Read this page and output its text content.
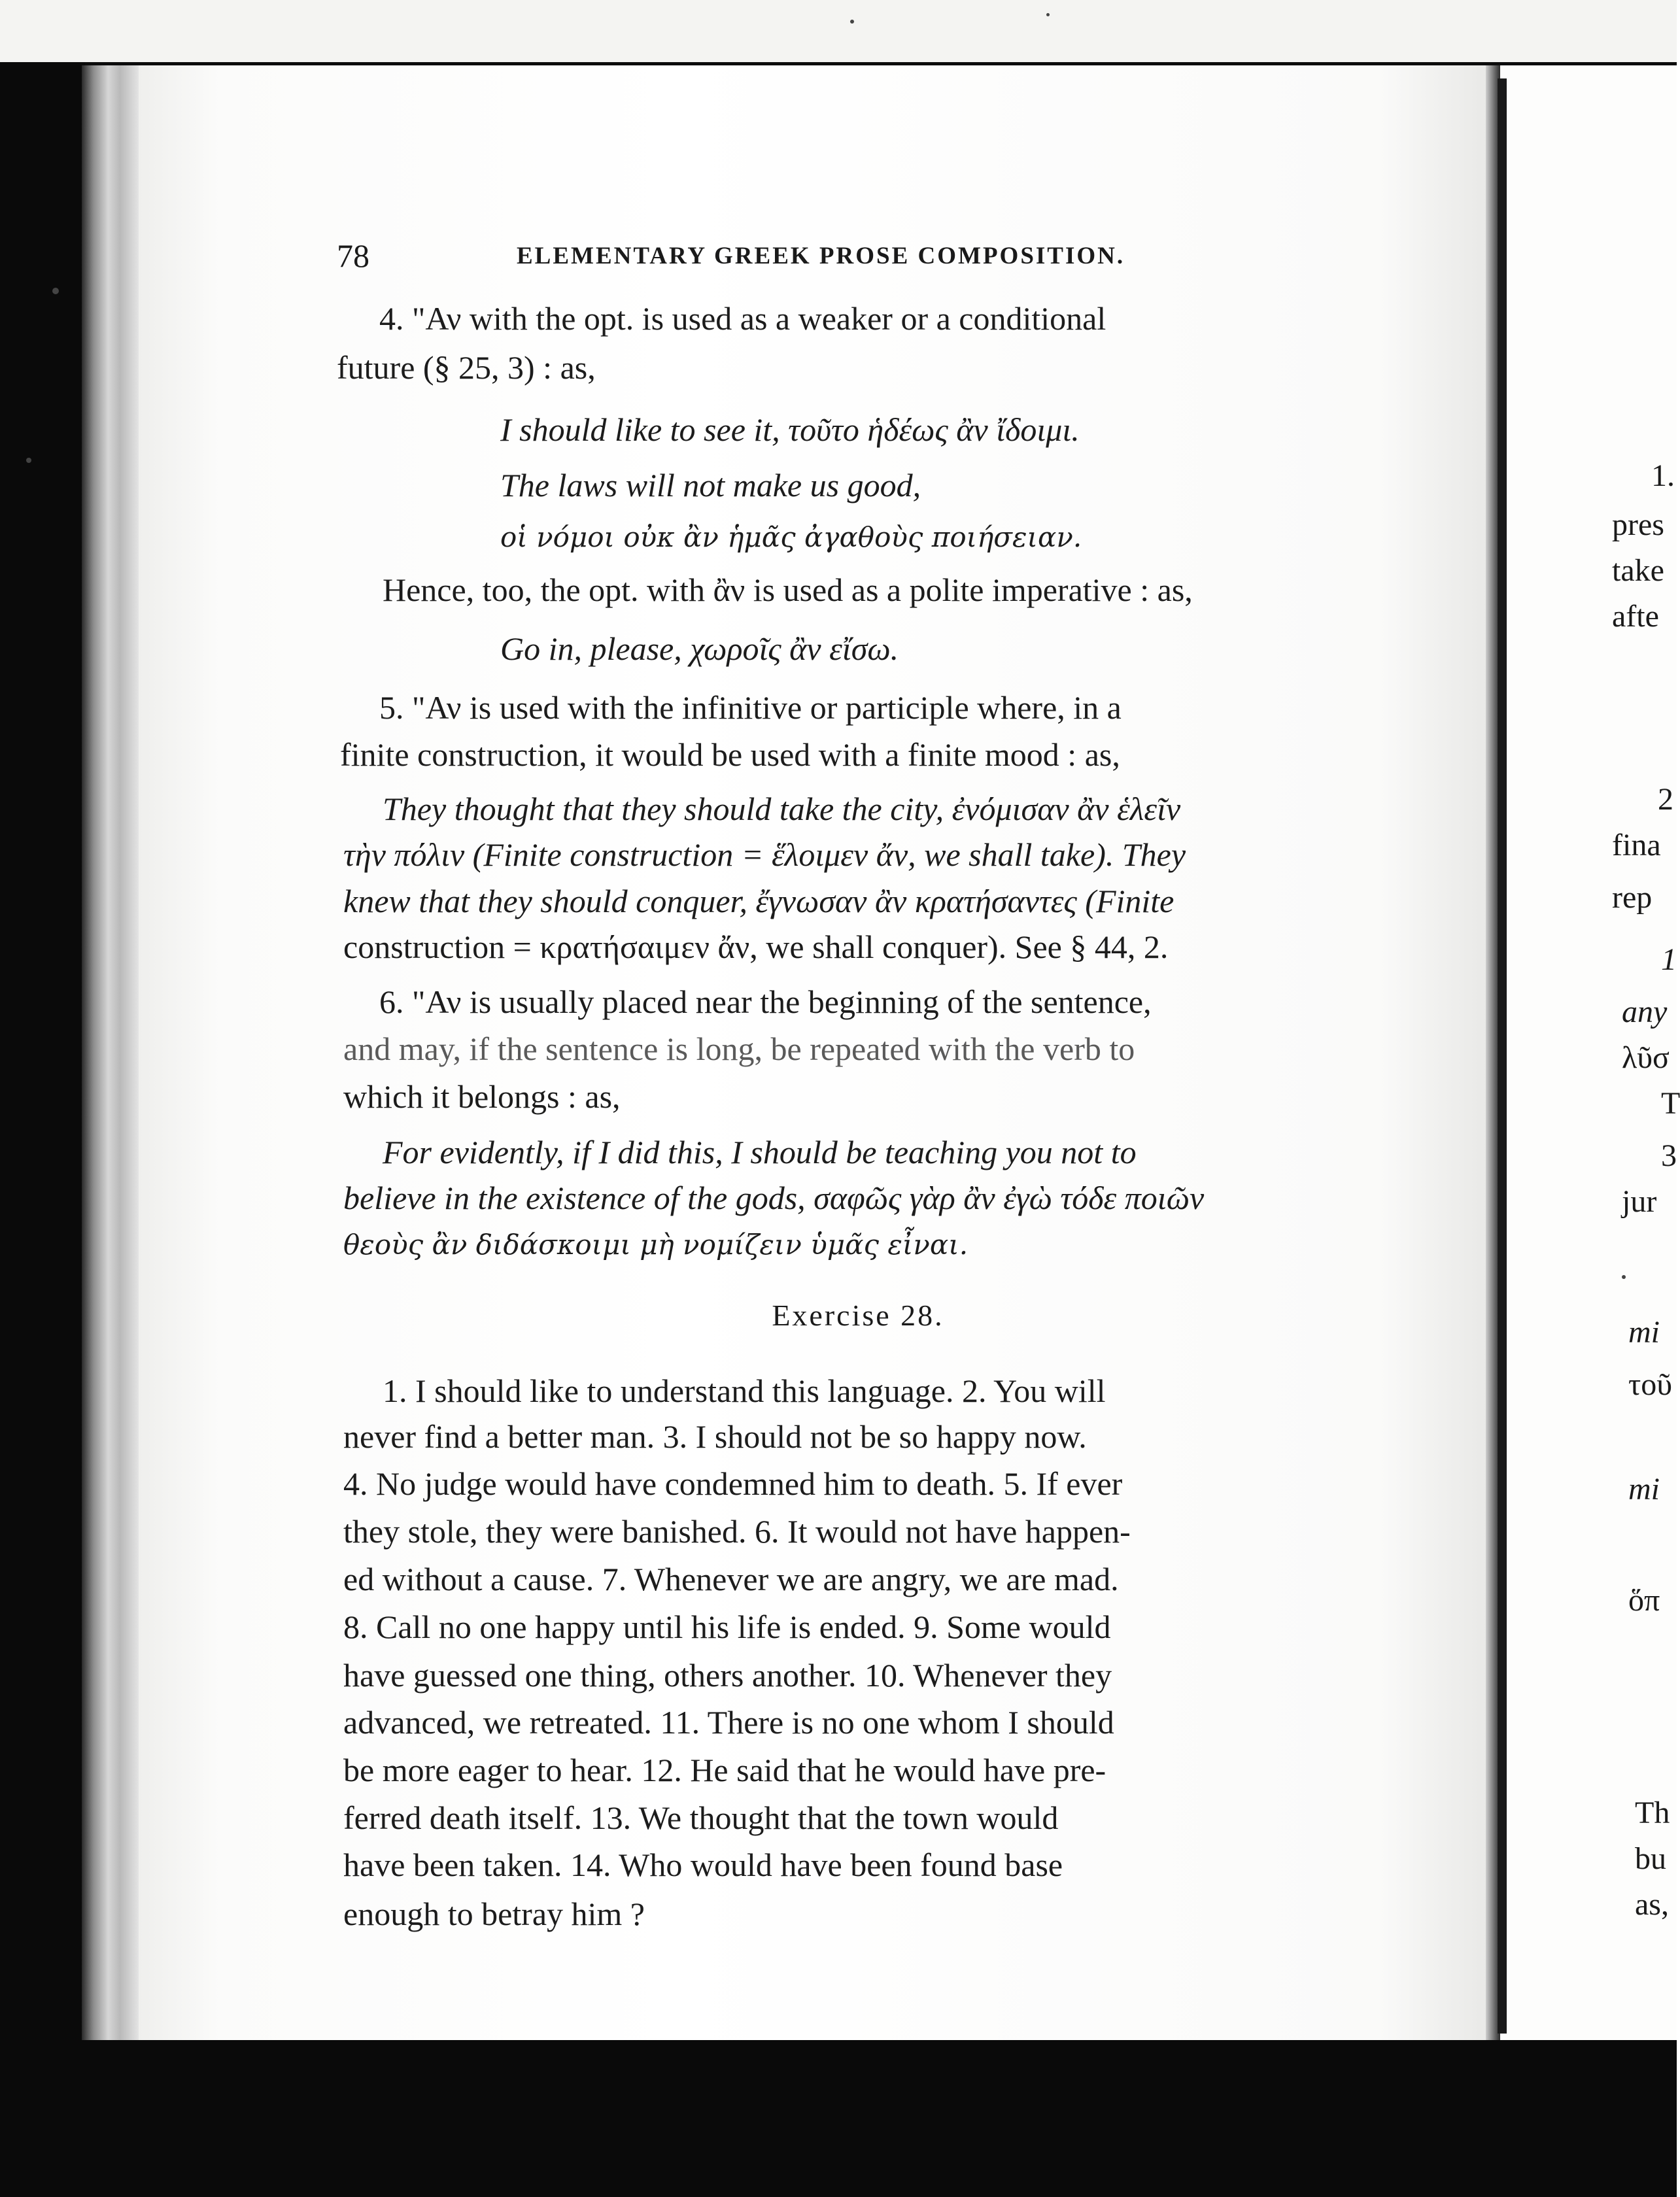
78	ELEMENTARY GREEK PROSE COMPOSITION.
4. "Αν with the opt. is used as a weaker or a conditional
future (§ 25, 3) : as,
I should like to see it, τοῦτο ἡδέως ἂν ἴδοιμι.
The laws will not make us good,
οἱ νόμοι οὐκ ἂν ἡμᾶς ἀγαθοὺς ποιήσειαν.
Hence, too, the opt. with ἂν is used as a polite imperative : as,
Go in, please, χωροῖς ἂν εἴσω.
5. "Αν is used with the infinitive or participle where, in a
finite construction, it would be used with a finite mood : as,
They thought that they should take the city, ἐνόμισαν ἂν ἑλεῖν
τὴν πόλιν (Finite construction = ἕλοιμεν ἄν, we shall take). They
knew that they should conquer, ἔγνωσαν ἂν κρατήσαντες (Finite
construction = κρατήσαιμεν ἄν, we shall conquer). See § 44, 2.
6. "Αν is usually placed near the beginning of the sentence,
and may, if the sentence is long, be repeated with the verb to
which it belongs : as,
For evidently, if I did this, I should be teaching you not to
believe in the existence of the gods, σαφῶς γὰρ ἂν ἐγὼ τόδε ποιῶν
θεοὺς ἂν διδάσκοιμι μὴ νομίζειν ὑμᾶς εἶναι.
Exercise 28.
1. I should like to understand this language. 2. You will
never find a better man. 3. I should not be so happy now.
4. No judge would have condemned him to death. 5. If ever
they stole, they were banished. 6. It would not have happen-
ed without a cause. 7. Whenever we are angry, we are mad.
8. Call no one happy until his life is ended. 9. Some would
have guessed one thing, others another. 10. Whenever they
advanced, we retreated. 11. There is no one whom I should
be more eager to hear. 12. He said that he would have pre-
ferred death itself. 13. We thought that the town would
have been taken. 14. Who would have been found base
enough to betray him ?
1.
pres
take
afte
2
fina
rep
1
any
λῦσ
T
3
jur
mi
τοῦ
mi
ὅπ
Th
bu
as,
